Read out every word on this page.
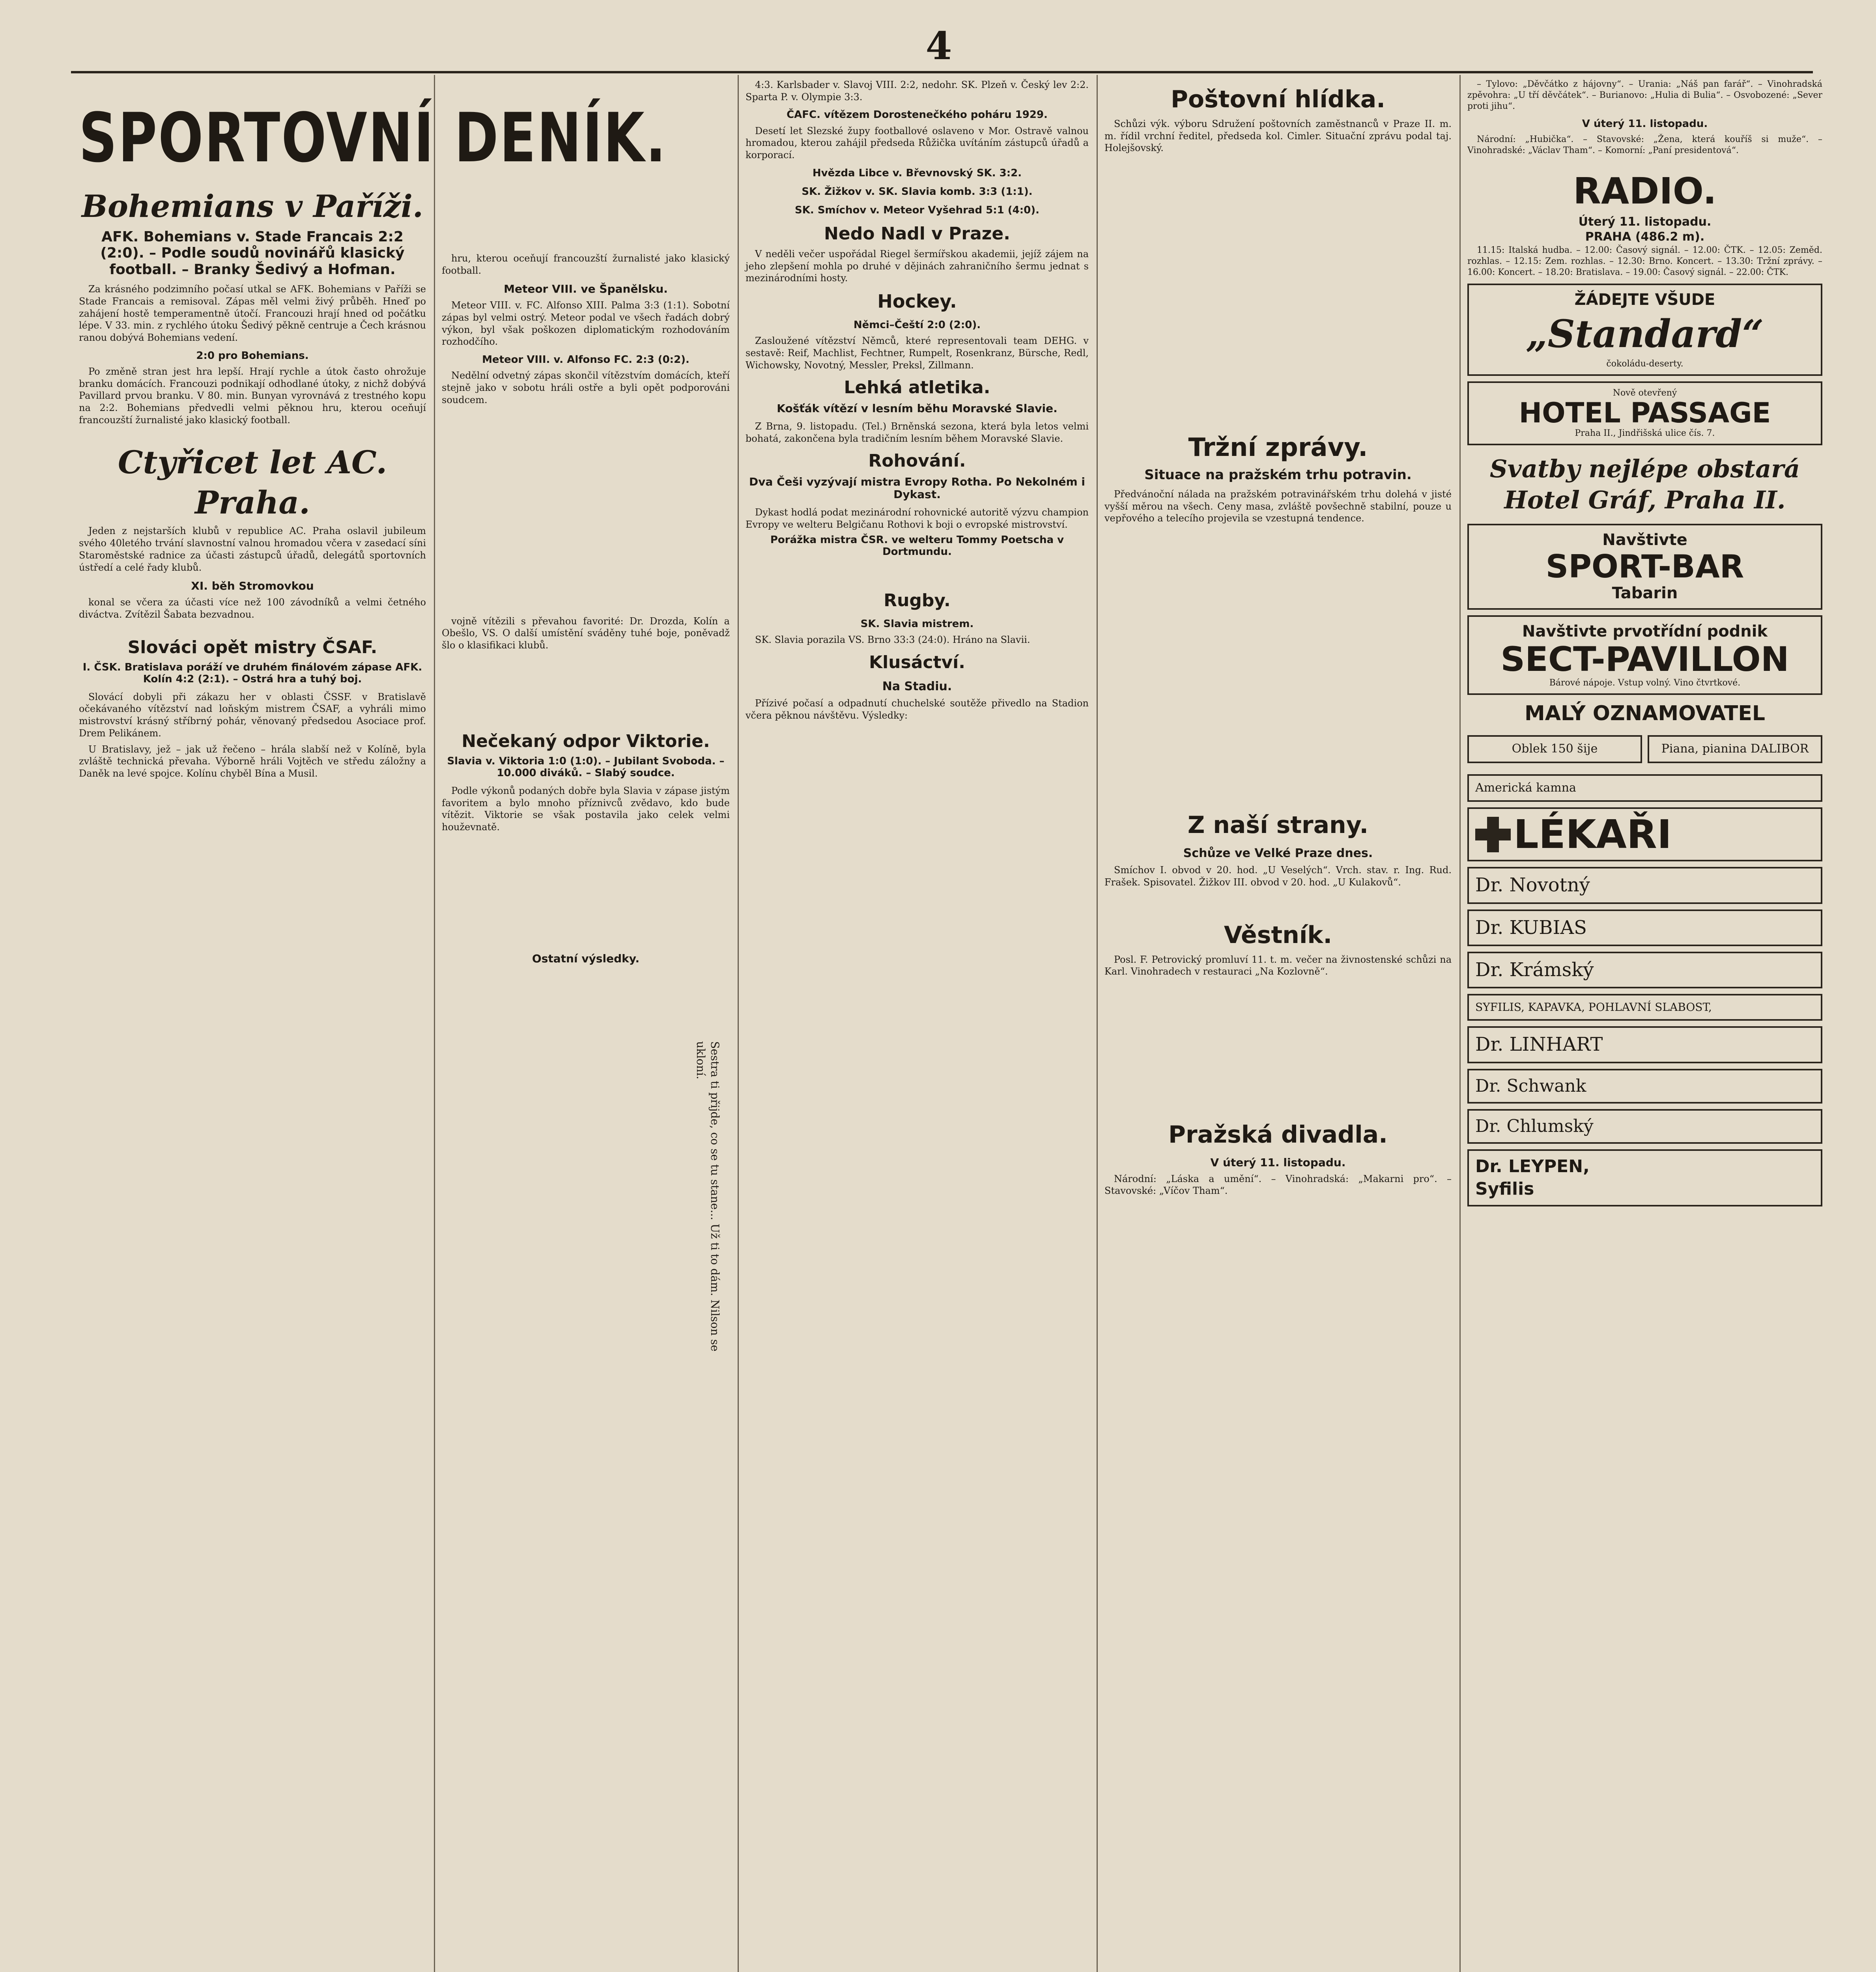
4
SPORTOVNÍ DENÍK.
Bohemians v Paříži.
AFK. Bohemians v. Stade Francais 2:2 (2:0). – Podle soudů novinářů klasický football. – Branky Šedivý a Hofman.

Za krásného podzimního počasí utkal se AFK. Bohemians v Paříži se Stade Francais a remisoval. Zápas měl velmi živý průběh. Hneď po zahájení hostě temperamentně útočí. Francouzi hrají hned od počátku lépe. V 33. min. z rychlého útoku Šedivý pěkně centruje a Čech krásnou ranou dobývá Bohemians vedení.

2:0 pro Bohemians.

Po změně stran jest hra lepší. Hrají rychle a útok často ohrožuje branku domácích. Francouzi podnikají odhodlané útoky, z nichž dobývá Pavillard prvou branku. V 80. min. Bunyan vyrovnává z trestného kopu na 2:2. Bohemians předvedli velmi pěknou hru, kterou oceňují francouzští žurnalisté jako klasický football.

Ctyřicet let AC. Praha.

Jeden z nejstarších klubů v republice AC. Praha oslavil jubileum svého 40letého trvání slavnostní valnou hromadou včera v zasedací síni Staroměstské radnice za účasti zástupců úřadů, delegátů sportovních ústředí a celé řady klubů.

XI. běh Stromovkou

konal se včera za účasti více než 100 závodníků a velmi četného diváctva. Zvítězil Šabata bezvadnou.

Slováci opět mistry ČSAF.
I. ČSK. Bratislava poráží ve druhém finálovém zápase AFK. Kolín 4:2 (2:1). – Ostrá hra a tuhý boj.

Slovácí dobyli při zákazu her v oblasti ČSSF. v Bratislavě očekávaného vítězství nad loňským mistrem ČSAF, a vyhráli mimo mistrovství krásný stříbrný pohár, věnovaný předsedou Asociace prof. Drem Pelikánem.

U Bratislavy, jež – jak už řečeno – hrála slabší než v Kolíně, byla zvláště technická převaha. Výborně hráli Vojtěch ve středu záložny a Daněk na levé spojce. Kolínu chyběl Bína a Musil.

hru, kterou oceňují francouzští žurnalisté jako klasický football.

Meteor VIII. ve Španělsku.

Meteor VIII. v. FC. Alfonso XIII. Palma 3:3 (1:1). Sobotní zápas byl velmi ostrý. Meteor podal ve všech řadách dobrý výkon, byl však poškozen diplomatickým rozhodováním rozhodčího.

Meteor VIII. v. Alfonso FC. 2:3 (0:2).

Nedělní odvetný zápas skončil vítězstvím domácích, kteří stejně jako v sobotu hráli ostře a byli opět podporováni soudcem.

vojně vítězili s převahou favorité: Dr. Drozda, Kolín a Obešlo, VS. O další umístění sváděny tuhé boje, poněvadž šlo o klasifikaci klubů.

Nečekaný odpor Viktorie.
Slavia v. Viktoria 1:0 (1:0). – Jubilant Svoboda. – 10.000 diváků. – Slabý soudce.

Podle výkonů podaných dobře byla Slavia v zápase jistým favoritem a bylo mnoho příznivců zvědavo, kdo bude vítězit. Viktorie se však postavila jako celek velmi houževnatě.

Ostatní výsledky.
Sestra ti přijde, co se tu stane... Už ti to dám. Nilson se ukloní.

4:3. Karlsbader v. Slavoj VIII. 2:2, nedohr. SK. Plzeň v. Český lev 2:2. Sparta P. v. Olympie 3:3.

ČAFC. vítězem Dorostenečkého poháru 1929.

Desetí let Slezské župy footballové oslaveno v Mor. Ostravě valnou hromadou, kterou zahájil předseda Růžička uvítáním zástupců úřadů a korporací.

Hvězda Libce v. Břevnovský SK. 3:2.
SK. Žižkov v. SK. Slavia komb. 3:3 (1:1).
SK. Smíchov v. Meteor Vyšehrad 5:1 (4:0).
Nedo Nadl v Praze.

V neděli večer uspořádal Riegel šermířskou akademii, jejíž zájem na jeho zlepšení mohla po druhé v dějinách zahraničního šermu jednat s mezinárodními hosty.

Hockey.
Němci–Čeští 2:0 (2:0).

Zasloužené vítězství Němců, které representovali team DEHG. v sestavě: Reif, Machlist, Fechtner, Rumpelt, Rosenkranz, Bürsche, Redl, Wichowsky, Novotný, Messler, Preksl, Zillmann.

Lehká atletika.
Košťák vítězí v lesním běhu Moravské Slavie.

Z Brna, 9. listopadu. (Tel.) Brněnská sezona, která byla letos velmi bohatá, zakončena byla tradičním lesním během Moravské Slavie.

Rohování.
Dva Češi vyzývají mistra Evropy Rotha. Po Nekolném i Dykast.

Dykast hodlá podat mezinárodní rohovnické autoritě výzvu champion Evropy ve welteru Belgičanu Rothovi k boji o evropské mistrovství.

Porážka mistra ČSR. ve welteru Tommy Poetscha v Dortmundu.
Rugby.
SK. Slavia mistrem.

SK. Slavia porazila VS. Brno 33:3 (24:0). Hráno na Slavii.

Klusáctví.
Na Stadiu.

Přízivé počasí a odpadnutí chuchelské soutěže přivedlo na Stadion včera pěknou návštěvu. Výsledky:

Poštovní hlídka.

Schůzi výk. výboru Sdružení poštovních zaměstnanců v Praze II. m. m. řídil vrchní ředitel, předseda kol. Cimler. Situační zprávu podal taj. Holejšovský.

Tržní zprávy.
Situace na pražském trhu potravin.

Předvánoční nálada na pražském potravinářském trhu dolehá v jisté vyšší měrou na všech. Ceny masa, zvláště povšechně stabilní, pouze u vepřového a telecího projevila se vzestupná tendence.

Z naší strany.
Schůze ve Velké Praze dnes.

Smíchov I. obvod v 20. hod. „U Veselých“. Vrch. stav. r. Ing. Rud. Frašek. Spisovatel. Žižkov III. obvod v 20. hod. „U Kulakovů“.

Věstník.

Posl. F. Petrovický promluví 11. t. m. večer na živnostenské schůzi na Karl. Vinohradech v restauraci „Na Kozlovně“.

Pražská divadla.
V úterý 11. listopadu.

Národní: „Láska a umění“. – Vinohradská: „Makarni pro“. – Stavovské: „Víčov Tham“.

– Tylovo: „Děvčátko z hájovny“. – Urania: „Náš pan farář“. – Vinohradská zpěvohra: „U tří děvčátek“. – Burianovo: „Hulia di Bulia“. – Osvobozené: „Sever proti jihu“.

V úterý 11. listopadu.

Národní: „Hubička“. – Stavovské: „Žena, která kouříš si muže“. – Vinohradské: „Václav Tham“. – Komorní: „Paní presidentová“.

RADIO.
Úterý 11. listopadu.
PRAHA (486.2 m).

11.15: Italská hudba. – 12.00: Časový signál. – 12.00: ČTK. – 12.05: Zeměd. rozhlas. – 12.15: Zem. rozhlas. – 12.30: Brno. Koncert. – 13.30: Tržní zprávy. – 16.00: Koncert. – 18.20: Bratislava. – 19.00: Časový signál. – 22.00: ČTK.

ŽÁDEJTE VŠUDE
„Standard“
čokoládu-deserty.
Nově otevřený
HOTEL PASSAGE
Praha II., Jindřišská ulice čís. 7.
Svatby nejlépe obstará
Hotel Gráf, Praha II.
Navštivte
SPORT-BAR
Tabarin
Navštivte prvotřídní podnik
SECT-PAVILLON
Bárové nápoje. Vstup volný. Vino čtvrtkové.
MALÝ OZNAMOVATEL
Oblek 150 šije	Piana, pianina DALIBOR
Americká kamna
LÉKAŘI
Dr. Novotný
Dr. KUBIAS
Dr. Krámský
SYFILIS, KAPAVKA, POHLAVNÍ SLABOST,
Dr. LINHART
Dr. Schwank
Dr. Chlumský
Dr. LEYPEN,
Syfilis
